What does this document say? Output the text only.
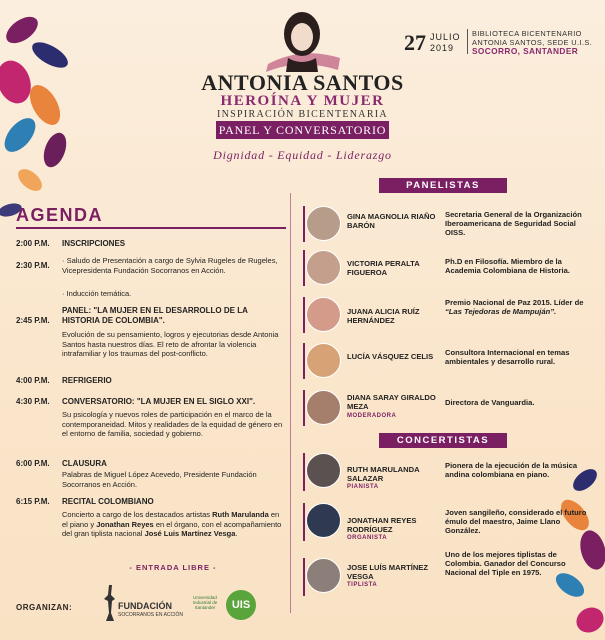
ANTONIA SANTOS
HEROÍNA Y MUJER
INSPIRACIÓN BICENTENARIA
PANEL Y CONVERSATORIO
Dignidad - Equidad - Liderazgo
27 JULIO
2019
BIBLIOTECA BICENTENARIO
ANTONIA SANTOS, SEDE U.I.S.
SOCORRO, SANTANDER
AGENDA
2:00 P.M. INSCRIPCIONES
2:30 P.M.
· Saludo de Presentación a cargo de Sylvia Rugeles de Rugeles, Vicepresidenta Fundación Socorranos en Acción.
· Inducción temática.
2:45 P.M.
PANEL: "LA MUJER EN EL DESARROLLO DE LA HISTORIA DE COLOMBIA".
Evolución de su pensamiento, logros y ejecutorias desde Antonia Santos hasta nuestros días. El reto de afrontar la violencia intrafamiliar y los traumas del post-conflicto.
4:00 P.M. REFRIGERIO
4:30 P.M. CONVERSATORIO: "LA MUJER EN EL SIGLO XXI".
Su psicología y nuevos roles de participación en el marco de la contemporaneidad. Mitos y realidades de la equidad de género en el entorno de familia, sociedad y gobierno.
6:00 P.M. CLAUSURA
Palabras de Miguel López Acevedo, Presidente Fundación Socorranos en Acción.
6:15 P.M. RECITAL COLOMBIANO
Concierto a cargo de los destacados artistas Ruth Marulanda en el piano y Jonathan Reyes en el órgano, con el acompañamiento del gran tiplista nacional José Luis Martínez Vesga.
- ENTRADA LIBRE -
ORGANIZAN:	FUNDACIÓN
SOCORRANOS EN ACCIÓN
Universidad Industrial de Santander	UIS
PANELISTAS
GINA MAGNOLIA RIAÑO BARÓN
Secretaria General de la Organización Iberoamericana de Seguridad Social OISS.
VICTORIA PERALTA FIGUEROA
Ph.D en Filosofía. Miembro de la Academia Colombiana de Historia.
JUANA ALICIA RUÍZ HERNÁNDEZ
Premio Nacional de Paz 2015. Líder de “Las Tejedoras de Mampuján”.
LUCÍA VÁSQUEZ CELIS	Consultora Internacional en temas ambientales y desarrollo rural.
DIANA SARAY GIRALDO MEZA
MODERADORA
Directora de Vanguardia.
CONCERTISTAS
RUTH MARULANDA SALAZAR
PIANISTA
Pionera de la ejecución de la música andina colombiana en piano.
JONATHAN REYES RODRÍGUEZ
ORGANISTA
Joven sangileño, considerado el futuro émulo del maestro, Jaime Llano González.
JOSE LUÍS MARTÍNEZ VESGA
TIPLISTA
Uno de los mejores tiplistas de Colombia. Ganador del Concurso Nacional del Tiple en 1975.
